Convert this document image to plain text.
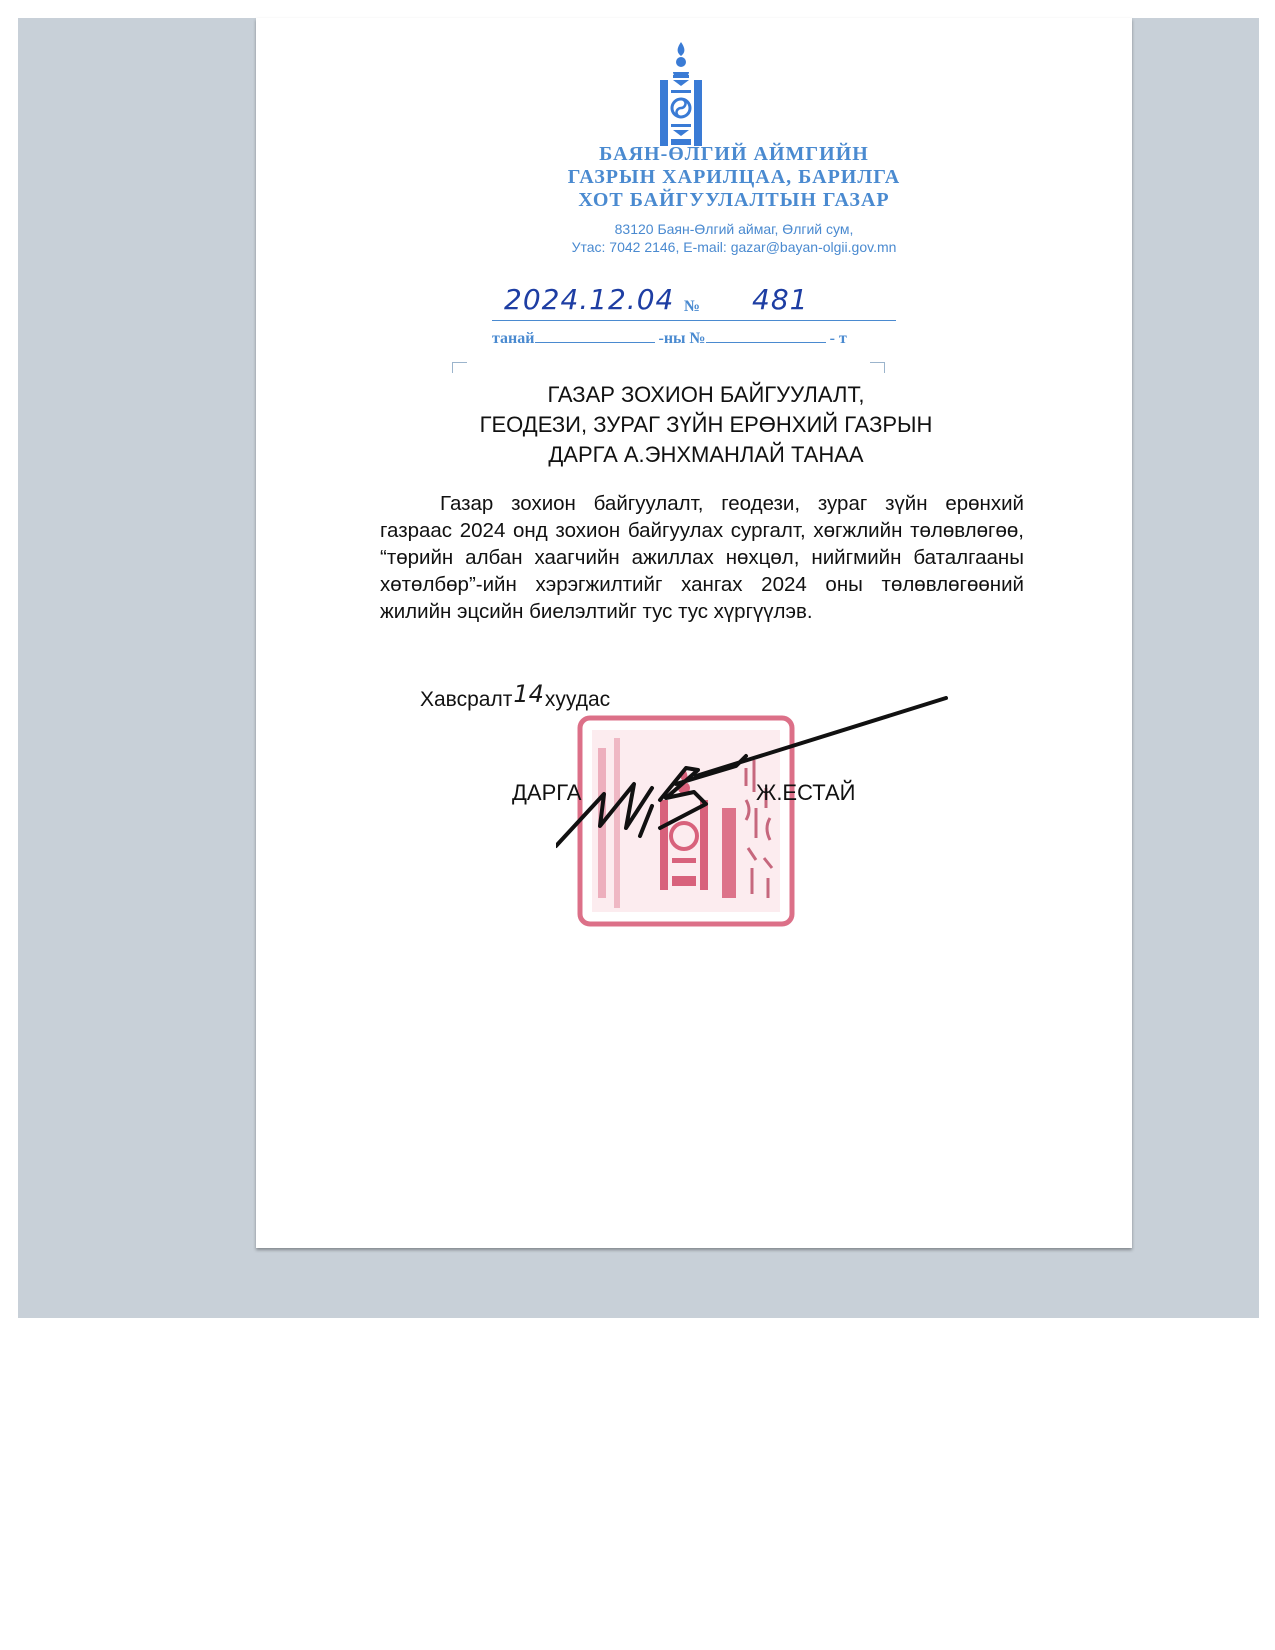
БАЯН-ӨЛГИЙ АЙМГИЙН
ГАЗРЫН ХАРИЛЦАА, БАРИЛГА
ХОТ БАЙГУУЛАЛТЫН ГАЗАР
83120 Баян-Өлгий аймаг, Өлгий сум,
Утас: 7042 2146, E-mail: gazar@bayan-olgii.gov.mn
2024.12.04 № 481
танай	-ны №	- т
ГАЗАР ЗОХИОН БАЙГУУЛАЛТ,
ГЕОДЕЗИ, ЗУРАГ ЗҮЙН ЕРӨНХИЙ ГАЗРЫН
ДАРГА А.ЭНХМАНЛАЙ ТАНАА
Газар зохион байгуулалт, геодези, зураг зүйн ерөнхий газраас 2024 онд зохион байгуулах сургалт, хөгжлийн төлөвлөгөө, “төрийн албан хаагчийн ажиллах нөхцөл, нийгмийн баталгааны хөтөлбөр”-ийн хэрэгжилтийг хангах 2024 оны төлөвлөгөөний жилийн эцсийн биелэлтийг тус тус хүргүүлэв.
Хавсралт14хуудас
ДАРГА	Ж.ЕСТАЙ
